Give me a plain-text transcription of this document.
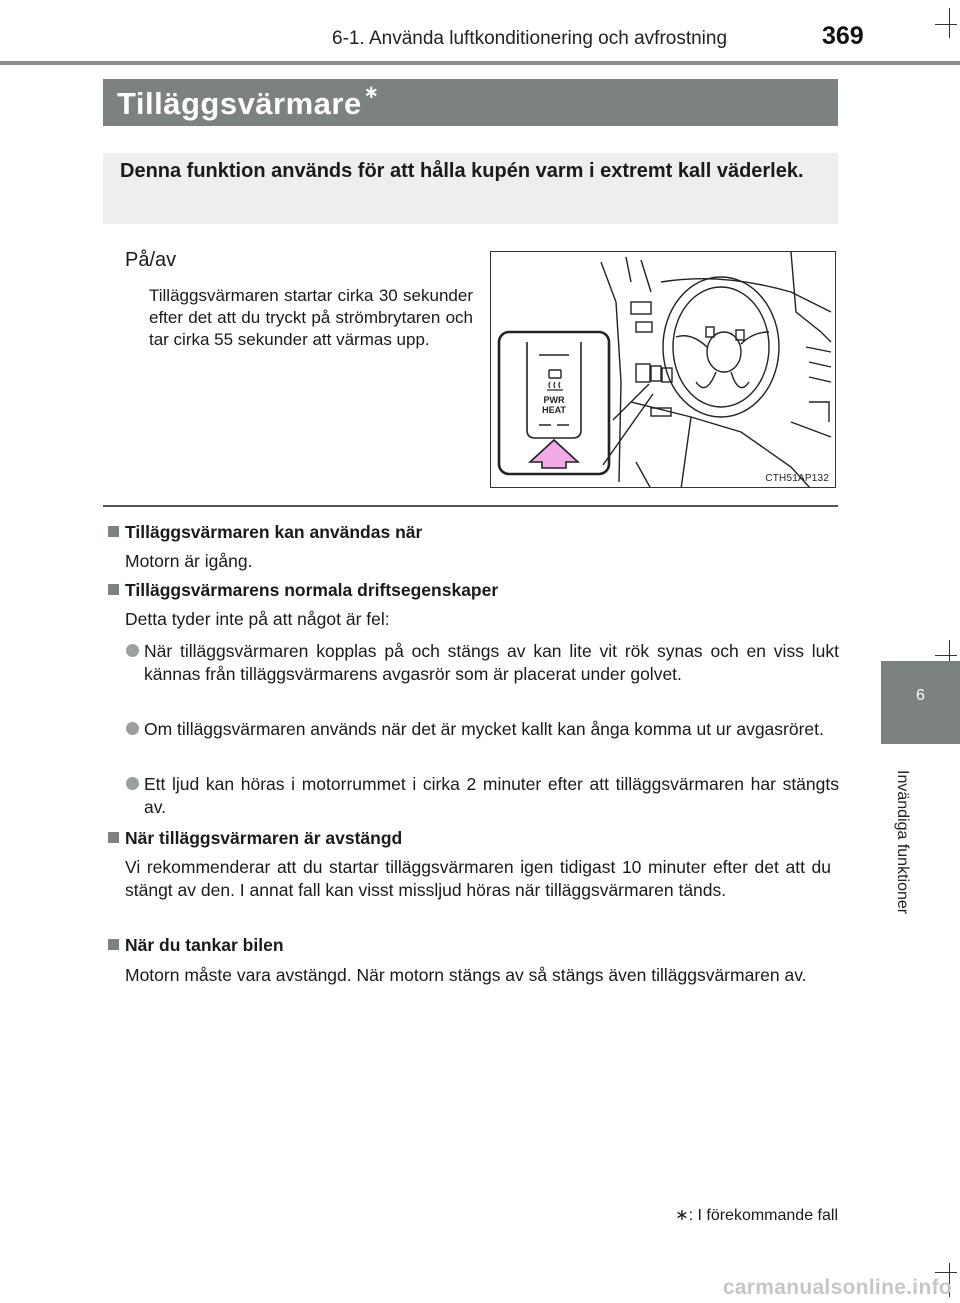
6-1. Använda luftkonditionering och avfrostning	369
Tilläggsvärmare ∗
Denna funktion används för att hålla kupén varm i extremt kall väderlek.
På/av
Tilläggsvärmaren startar cirka 30 sekunder efter det att du tryckt på strömbrytaren och tar cirka 55 sekunder att värmas upp.
PWR
HEAT
CTH51AP132
Tilläggsvärmaren kan användas när
Motorn är igång.
Tilläggsvärmarens normala driftsegenskaper
Detta tyder inte på att något är fel:
När tilläggsvärmaren kopplas på och stängs av kan lite vit rök synas och en viss lukt kännas från tilläggsvärmarens avgasrör som är placerat under golvet.
Om tilläggsvärmaren används när det är mycket kallt kan ånga komma ut ur avgasröret.
Ett ljud kan höras i motorrummet i cirka 2 minuter efter att tilläggsvärmaren har stängts av.
När tilläggsvärmaren är avstängd
Vi rekommenderar att du startar tilläggsvärmaren igen tidigast 10 minuter efter det att du stängt av den. I annat fall kan visst missljud höras när tilläggsvärmaren tänds.
När du tankar bilen
Motorn måste vara avstängd. När motorn stängs av så stängs även tilläggsvärmaren av.
6
Invändiga funktioner
∗: I förekommande fall
carmanualsonline.info
